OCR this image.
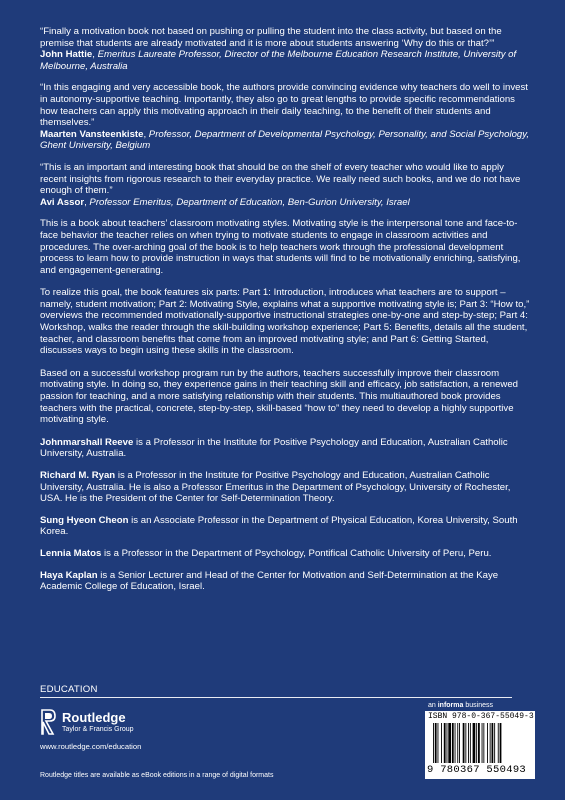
“Finally a motivation book not based on pushing or pulling the student into the class activity, but based on the premise that students are already motivated and it is more about students answering ‘Why do this or that?’”
John Hattie, Emeritus Laureate Professor, Director of the Melbourne Education Research Institute, University of Melbourne, Australia
“In this engaging and very accessible book, the authors provide convincing evidence why teachers do well to invest in autonomy-supportive teaching. Importantly, they also go to great lengths to provide specific recommendations how teachers can apply this motivating approach in their daily teaching, to the benefit of their students and themselves.”
Maarten Vansteenkiste, Professor, Department of Developmental Psychology, Personality, and Social Psychology, Ghent University, Belgium
“This is an important and interesting book that should be on the shelf of every teacher who would like to apply recent insights from rigorous research to their everyday practice. We really need such books, and we do not have enough of them.”
Avi Assor, Professor Emeritus, Department of Education, Ben-Gurion University, Israel

This is a book about teachers’ classroom motivating styles. Motivating style is the interpersonal tone and face-to-face behavior the teacher relies on when trying to motivate students to engage in classroom activities and procedures. The over-arching goal of the book is to help teachers work through the professional development process to learn how to provide instruction in ways that students will find to be motivationally enriching, satisfying, and engagement-generating.

To realize this goal, the book features six parts: Part 1: Introduction, introduces what teachers are to support – namely, student motivation; Part 2: Motivating Style, explains what a supportive motivating style is; Part 3: “How to,” overviews the recommended motivationally-supportive instructional strategies one-by-one and step-by-step; Part 4: Workshop, walks the reader through the skill-building workshop experience; Part 5: Benefits, details all the student, teacher, and classroom benefits that come from an improved motivating style; and Part 6: Getting Started, discusses ways to begin using these skills in the classroom.

Based on a successful workshop program run by the authors, teachers successfully improve their classroom motivating style. In doing so, they experience gains in their teaching skill and efficacy, job satisfaction, a renewed passion for teaching, and a more satisfying relationship with their students. This multiauthored book provides teachers with the practical, concrete, step-by-step, skill-based “how to” they need to develop a highly supportive motivating style.

Johnmarshall Reeve is a Professor in the Institute for Positive Psychology and Education, Australian Catholic University, Australia.

Richard M. Ryan is a Professor in the Institute for Positive Psychology and Education, Australian Catholic University, Australia. He is also a Professor Emeritus in the Department of Psychology, University of Rochester, USA. He is the President of the Center for Self-Determination Theory.

Sung Hyeon Cheon is an Associate Professor in the Department of Physical Education, Korea University, South Korea.

Lennia Matos is a Professor in the Department of Psychology, Pontifical Catholic University of Peru, Peru.

Haya Kaplan is a Senior Lecturer and Head of the Center for Motivation and Self-Determination at the Kaye Academic College of Education, Israel.

EDUCATION
Routledge
Taylor & Francis Group
www.routledge.com/education
Routledge titles are available as eBook editions in a range of digital formats
an informa business
ISBN 978-0-367-55049-3
9 780367 550493
